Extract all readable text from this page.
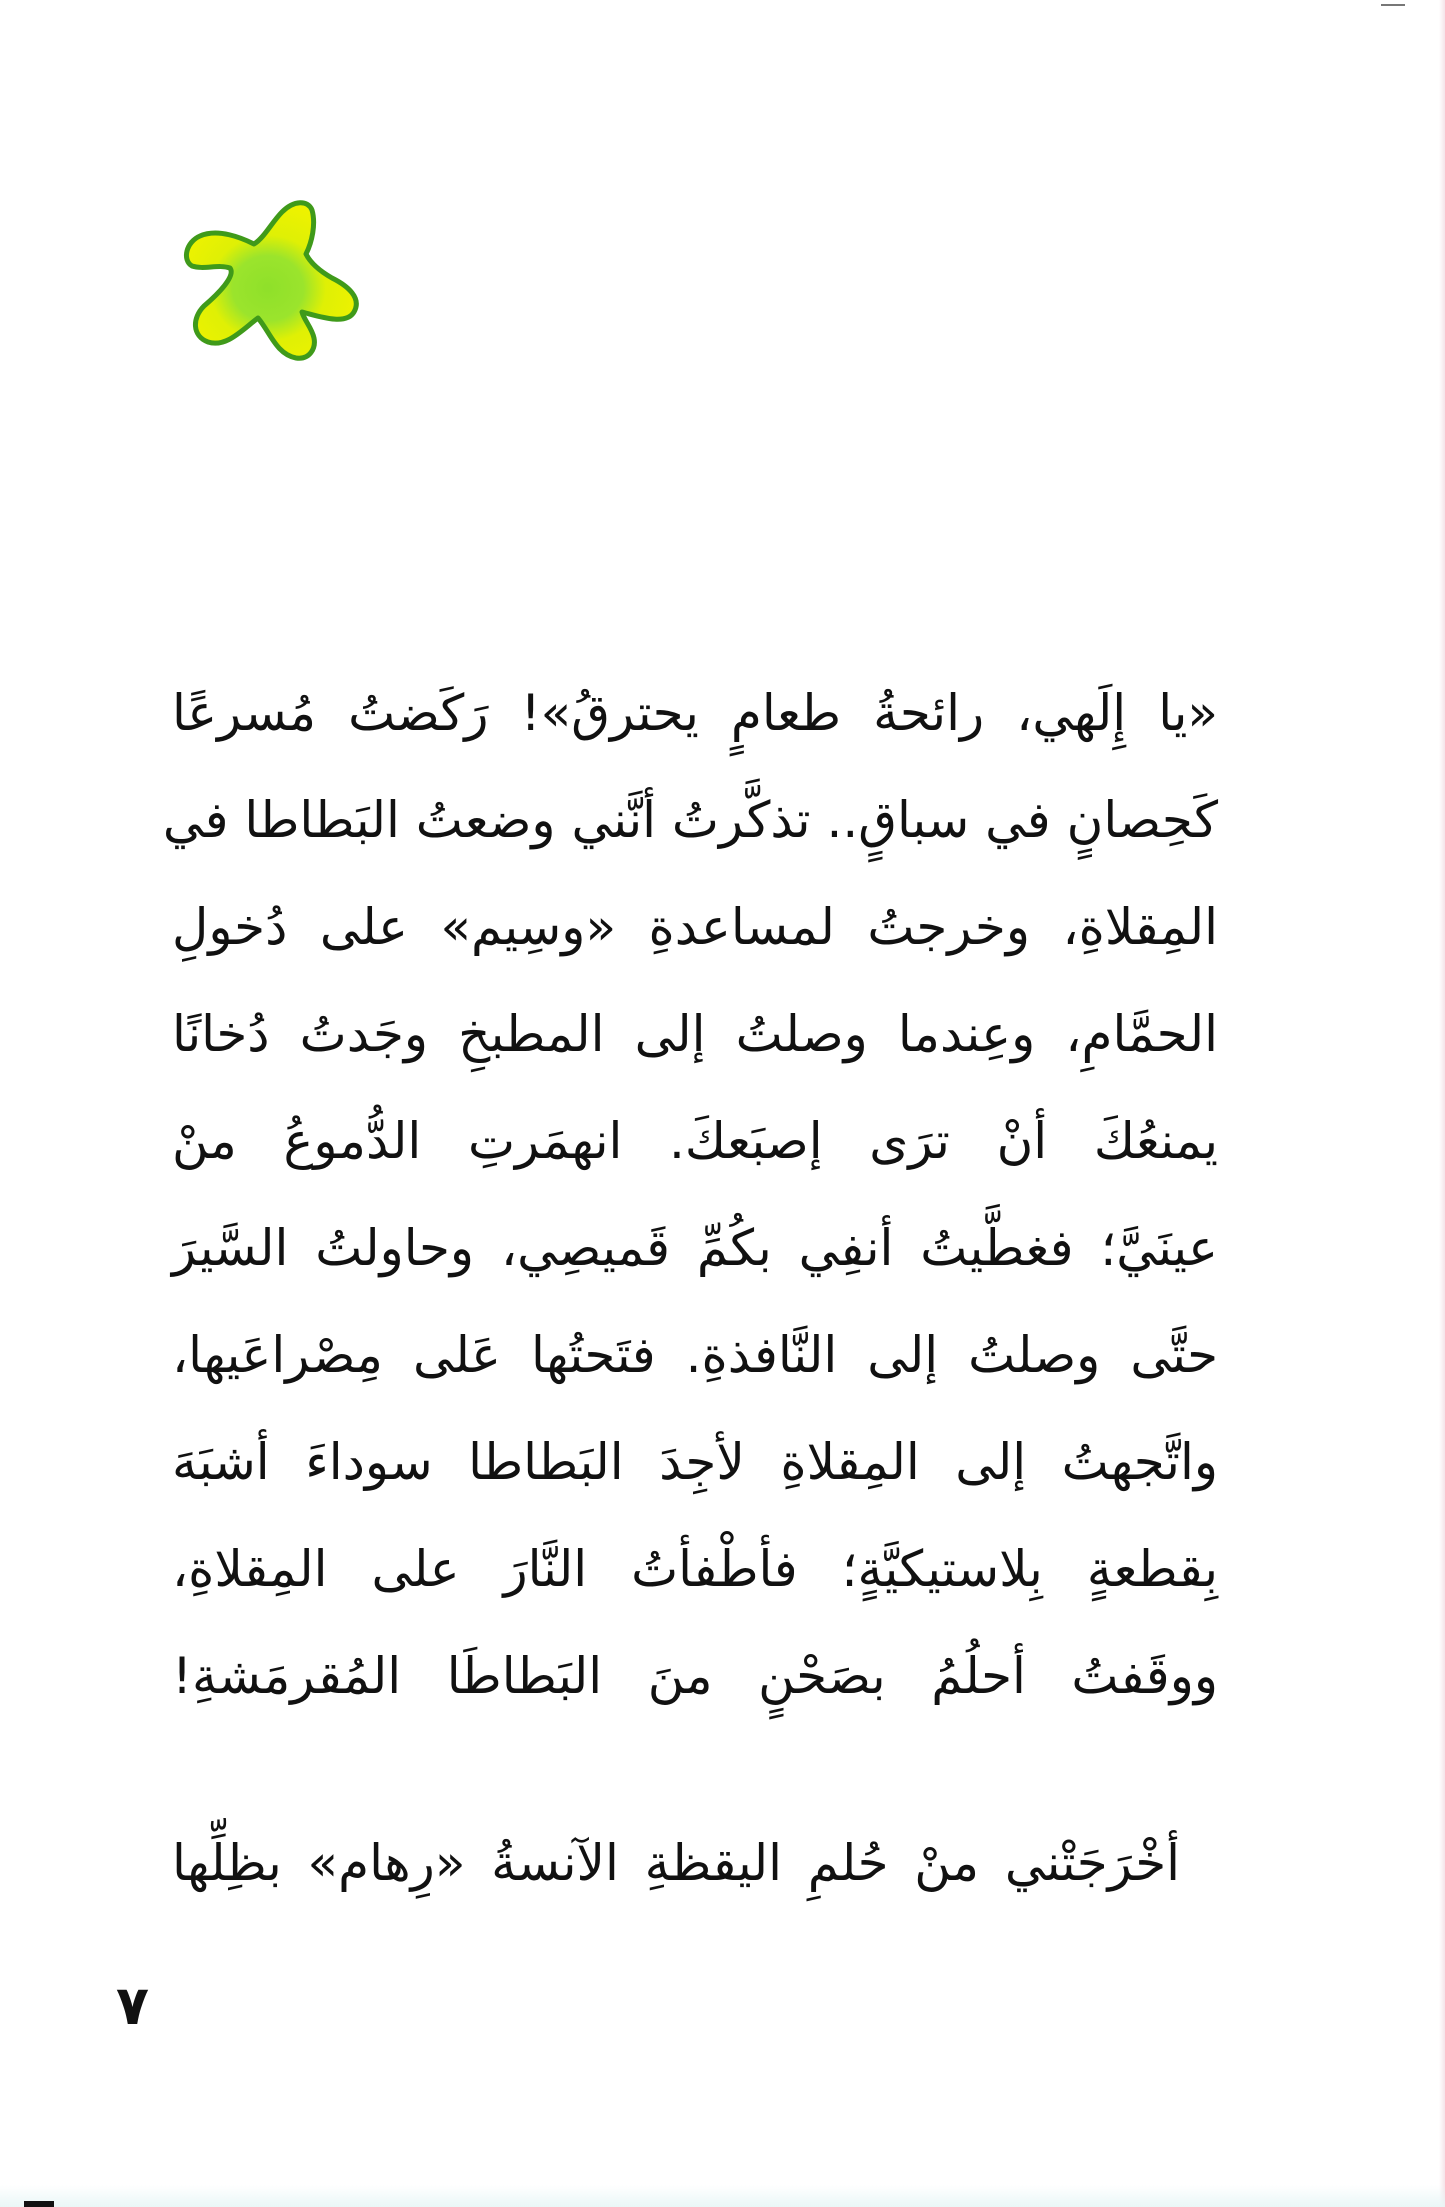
«يا إِلَهي، رائحةُ طعامٍ يحترقُ»! رَكَضتُ مُسرعًا
كَحِصانٍ في سباقٍ.. تذكَّرتُ أنَّني وضعتُ البَطاطا في
المِقلاةِ، وخرجتُ لمساعدةِ «وسِيم» على دُخولِ
الحمَّامِ، وعِندما وصلتُ إلى المطبخِ وجَدتُ دُخانًا
يمنعُكَ أنْ ترَى إصبَعكَ. انهمَرتِ الدُّموعُ منْ
عينَيَّ؛ فغطَّيتُ أنفِي بكُمِّ قَميصِي، وحاولتُ السَّيرَ
حتَّى وصلتُ إلى النَّافذةِ. فتَحتُها عَلى مِصْراعَيها،
واتَّجهتُ إلى المِقلاةِ لأجِدَ البَطاطا سوداءَ أشبَهَ
بِقطعةٍ بِلاستيكيَّةٍ؛ فأطْفأتُ النَّارَ على المِقلاةِ،
ووقَفتُ أحلُمُ بصَحْنٍ منَ البَطاطَا المُقرمَشةِ!
أخْرَجَتْني منْ حُلمِ اليقظةِ الآنسةُ «رِهام» بظِلِّها
٧
